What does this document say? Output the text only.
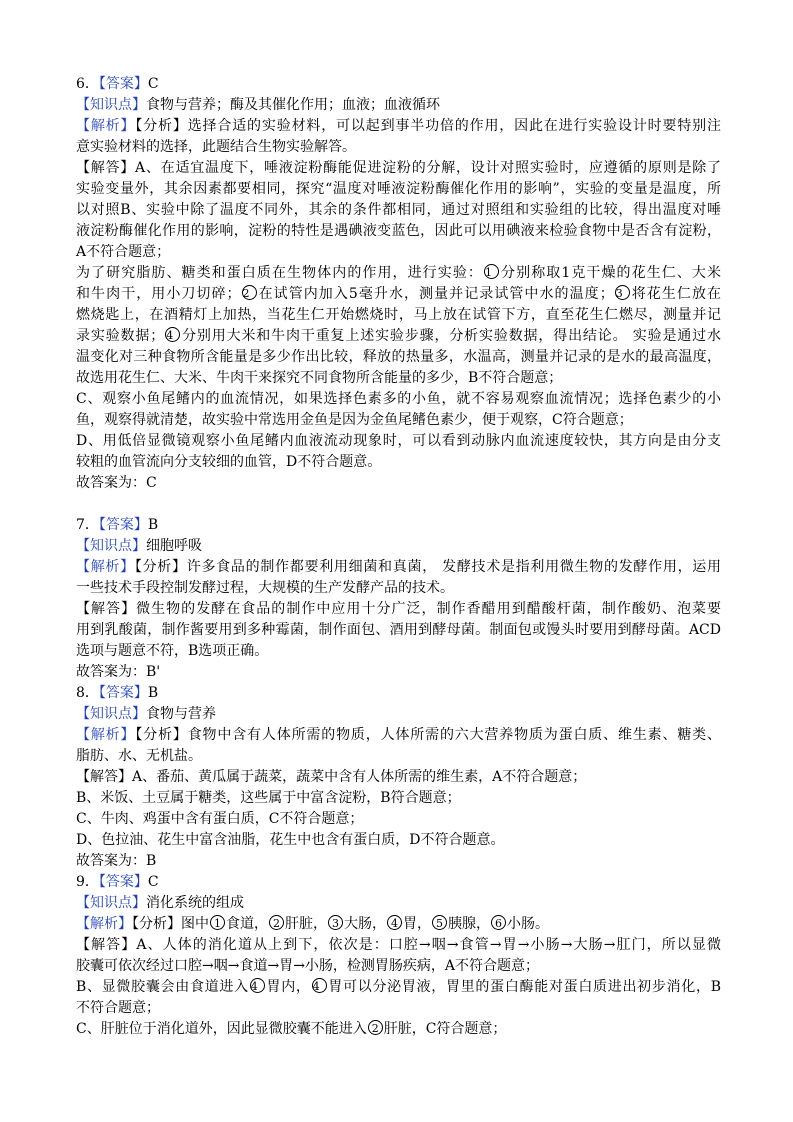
6．【答案】C
【知识点】食物与营养；酶及其催化作用；血液；血液循环
【解析】【分析】选择合适的实验材料，可以起到事半功倍的作用，因此在进行实验设计时要特别注
意实验材料的选择，此题结合生物实验解答。
【解答】A、在适宜温度下，唾液淀粉酶能促进淀粉的分解，设计对照实验时，应遵循的原则是除了
实验变量外，其余因素都要相同，探究“温度对唾液淀粉酶催化作用的影响”，实验的变量是温度，所
以对照B、实验中除了温度不同外，其余的条件都相同，通过对照组和实验组的比较，得出温度对唾
液淀粉酶催化作用的影响，淀粉的特性是遇碘液变蓝色，因此可以用碘液来检验食物中是否含有淀粉，
A不符合题意；
为了研究脂肪、糖类和蛋白质在生物体内的作用，进行实验： 1 分别称取1克干燥的花生仁、大米
和牛肉干，用小刀切碎； 2 在试管内加入5毫升水，测量并记录试管中水的温度； 3 将花生仁放在
燃烧匙上，在酒精灯上加热，当花生仁开始燃烧时，马上放在试管下方，直至花生仁燃尽，测量并记
录实验数据； 4 分别用大米和牛肉干重复上述实验步骤，分析实验数据，得出结论。 实验是通过水
温变化对三种食物所含能量是多少作出比较，释放的热量多，水温高，测量并记录的是水的最高温度，
故选用花生仁、大米、牛肉干来探究不同食物所含能量的多少，B不符合题意；
C、观察小鱼尾鳍内的血流情况，如果选择色素多的小鱼，就不容易观察血流情况；选择色素少的小
鱼，观察得就清楚，故实验中常选用金鱼是因为金鱼尾鳍色素少，便于观察，C符合题意；
D、用低倍显微镜观察小鱼尾鳍内血液流动现象时，可以看到动脉内血流速度较快，其方向是由分支
较粗的血管流向分支较细的血管，D不符合题意。
故答案为：C
7．【答案】B
【知识点】细胞呼吸
【解析】【分析】许多食品的制作都要利用细菌和真菌， 发酵技术是指利用微生物的发酵作用，运用
一些技术手段控制发酵过程，大规模的生产发酵产品的技术。
【解答】微生物的发酵在食品的制作中应用十分广泛，制作香醋用到醋酸杆菌，制作酸奶、泡菜要
用到乳酸菌，制作酱要用到多种霉菌，制作面包、酒用到酵母菌。制面包或馒头时要用到酵母菌。ACD
选项与题意不符，B选项正确。
故答案为：B'
8．【答案】B
【知识点】食物与营养
【解析】【分析】食物中含有人体所需的物质，人体所需的六大营养物质为蛋白质、维生素、糖类、
脂肪、水、无机盐。
【解答】A、番茄、黄瓜属于蔬菜，蔬菜中含有人体所需的维生素，A不符合题意；
B、米饭、土豆属于糖类，这些属于中富含淀粉，B符合题意；
C、牛肉、鸡蛋中含有蛋白质，C不符合题意；
D、色拉油、花生中富含油脂，花生中也含有蛋白质，D不符合题意。
故答案为：B
9．【答案】C
【知识点】消化系统的组成
【解析】【分析】图中 1 食道， 2 肝脏， 3 大肠， 4 胃， 5 胰腺， 6 小肠。
【解答】A、人体的消化道从上到下，依次是：口腔→咽→食管→胃→小肠→大肠→肛门，所以显微
胶囊可依次经过口腔→咽→食道→胃→小肠，检测胃肠疾病，A不符合题意；
B、显微胶囊会由食道进入 4 胃内， 4 胃可以分泌胃液，胃里的蛋白酶能对蛋白质进出初步消化，B
不符合题意；
C、肝脏位于消化道外，因此显微胶囊不能进入 2 肝脏，C符合题意；
